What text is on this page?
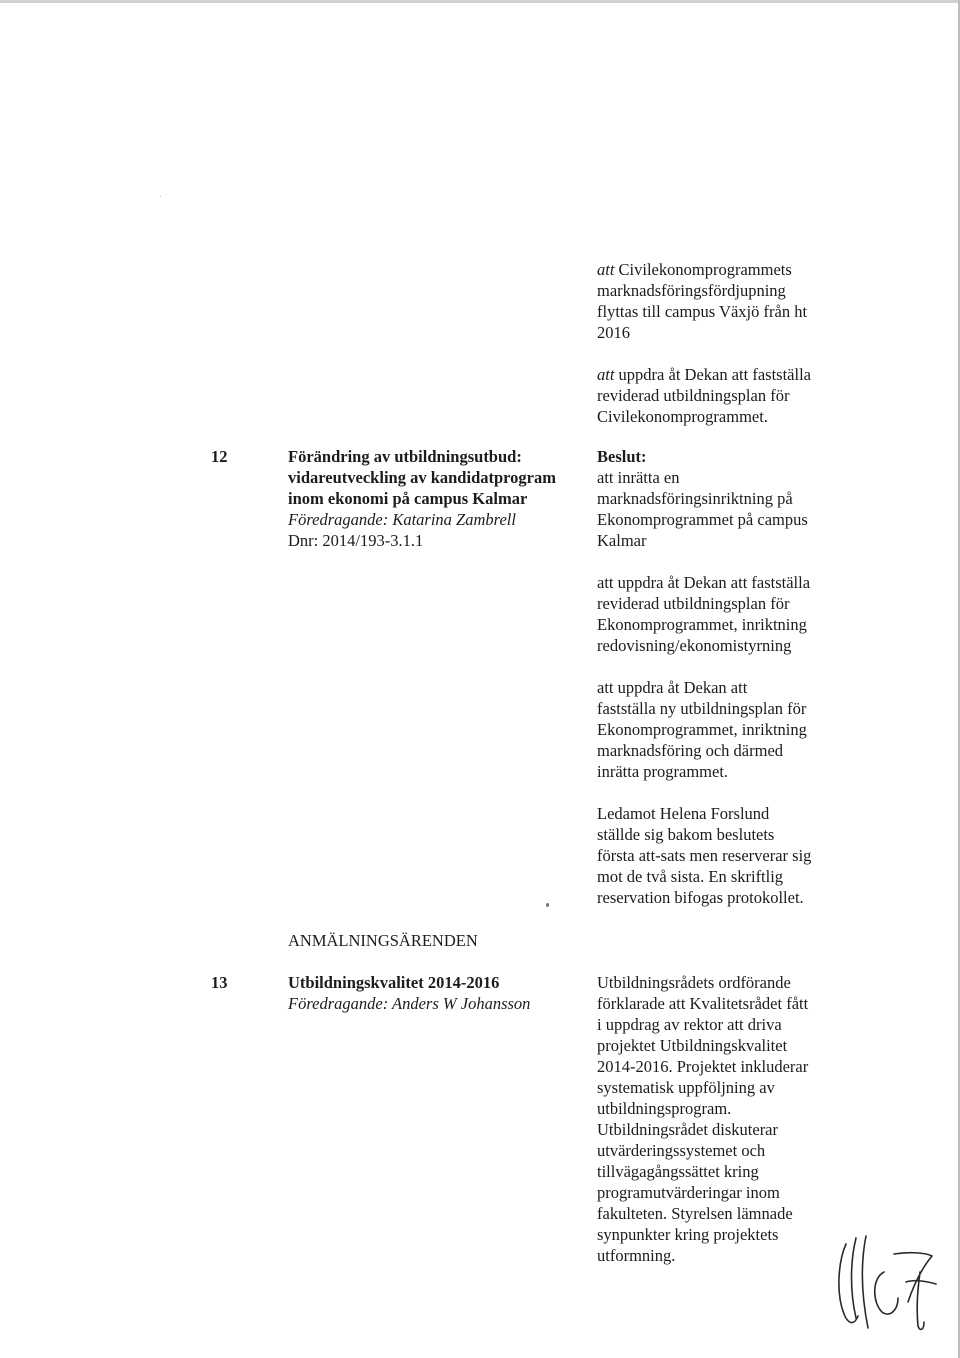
att Civilekonomprogrammets
marknadsföringsfördjupning
flyttas till campus Växjö från ht
2016

att uppdra åt Dekan att fastställa
reviderad utbildningsplan för
Civilekonomprogrammet.

12	Förändring av utbildningsutbud:
vidareutveckling av kandidatprogram
inom ekonomi på campus Kalmar
Föredragande: Katarina Zambrell
Dnr: 2014/193-3.1.1
Beslut:
att inrätta en
marknadsföringsinriktning på
Ekonomprogrammet på campus
Kalmar
att uppdra åt Dekan att fastställa
reviderad utbildningsplan för
Ekonomprogrammet, inriktning
redovisning/ekonomistyrning
att uppdra åt Dekan att
fastställa ny utbildningsplan för
Ekonomprogrammet, inriktning
marknadsföring och därmed
inrätta programmet.
Ledamot Helena Forslund
ställde sig bakom beslutets
första att-sats men reserverar sig
mot de två sista. En skriftlig
reservation bifogas protokollet.
ANMÄLNINGSÄRENDEN
13	Utbildningskvalitet 2014-2016
Föredragande: Anders W Johansson
Utbildningsrådets ordförande
förklarade att Kvalitetsrådet fått
i uppdrag av rektor att driva
projektet Utbildningskvalitet
2014-2016. Projektet inkluderar
systematisk uppföljning av
utbildningsprogram.
Utbildningsrådet diskuterar
utvärderingssystemet och
tillvägagångssättet kring
programutvärderingar inom
fakulteten. Styrelsen lämnade
synpunkter kring projektets
utformning.
